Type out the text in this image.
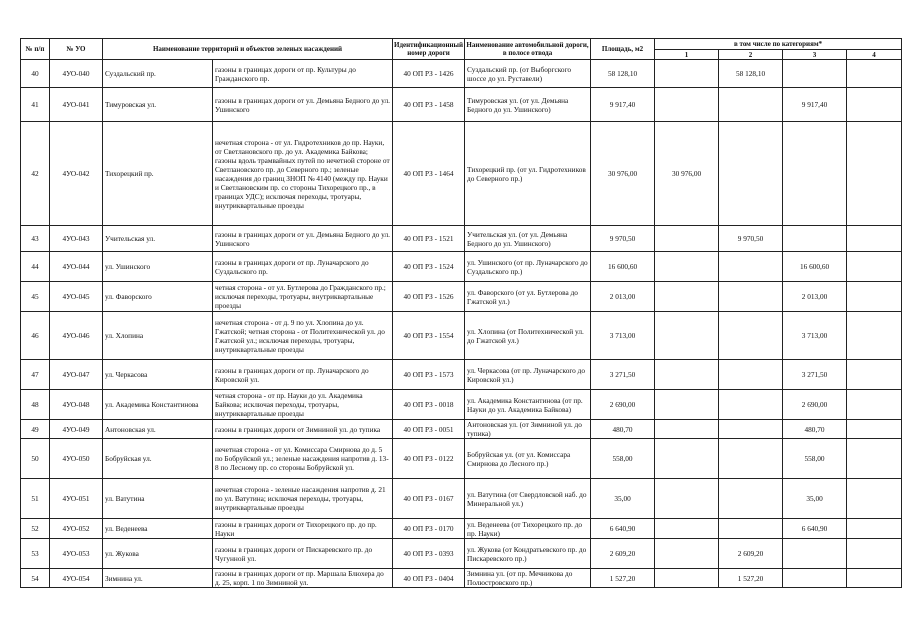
№ п/п	№ УО	Наименование территорий и объектов зеленых насаждений		Идентификационный номер дороги	Наименование автомобильной дороги, в полосе отвода	Площадь, м2	в том числе по категориям*			
							1	2	3	4
40	4УО-040	Суздальский пр.	газоны в границах дороги от пр. Культуры до Гражданского пр.	40 ОП РЗ - 1426	Суздальский пр. (от Выборгского шоссе до ул. Руставели)	58 128,10		58 128,10		
41	4УО-041	Тимуровская ул.	газоны в границах дороги от ул. Демьяна Бедного до ул. Ушинского	40 ОП РЗ - 1458	Тимуровская ул. (от ул. Демьяна Бедного до ул. Ушинского)	9 917,40			9 917,40	
42	4УО-042	Тихорецкий пр.	нечетная сторона - от ул. Гидротехников до пр. Науки, от Светлановского пр. до ул. Академика Байкова; газоны вдоль трамвайных путей по нечетной стороне от Светлановского пр. до Северного пр.; зеленые насаждения до границ ЗНОП № 4140 (между пр. Науки и Светлановским пр. со стороны Тихорецкого пр., в границах УДС); исключая переходы, тротуары, внутриквартальные проезды	40 ОП РЗ - 1464	Тихорецкий пр. (от ул. Гидротехников до Северного пр.)	30 976,00	30 976,00			
43	4УО-043	Учительская ул.	газоны в границах дороги от ул. Демьяна Бедного до ул. Ушинского	40 ОП РЗ - 1521	Учительская ул. (от ул. Демьяна Бедного до ул. Ушинского)	9 970,50		9 970,50		
44	4УО-044	ул. Ушинского	газоны в границах дороги от пр. Луначарского до Суздальского пр.	40 ОП РЗ - 1524	ул. Ушинского (от пр. Луначарского до Суздальского пр.)	16 600,60			16 600,60	
45	4УО-045	ул. Фаворского	четная сторона - от ул. Бутлерова до Гражданского пр.; исключая переходы, тротуары, внутриквартальные проезды	40 ОП РЗ - 1526	ул. Фаворского (от ул. Бутлерова до Гжатской ул.)	2 013,00			2 013,00	
46	4УО-046	ул. Хлопина	нечетная сторона - от д. 9 по ул. Хлопина до ул. Гжатской; четная сторона - от Политехнической ул. до Гжатской ул.; исключая переходы, тротуары, внутриквартальные проезды	40 ОП РЗ - 1554	ул. Хлопина (от Политехнической ул. до Гжатской ул.)	3 713,00			3 713,00	
47	4УО-047	ул. Черкасова	газоны в границах дороги от пр. Луначарского до Кировской ул.	40 ОП РЗ - 1573	ул. Черкасова (от пр. Луначарского до Кировской ул.)	3 271,50			3 271,50	
48	4УО-048	ул. Академика Константинова	четная сторона - от пр. Науки до ул. Академика Байкова; исключая переходы, тротуары, внутриквартальные проезды	40 ОП РЗ - 0018	ул. Академика Константинова (от пр. Науки до ул. Академика Байкова)	2 690,00			2 690,00	
49	4УО-049	Антоновская ул.	газоны в границах дороги от Зимниной ул. до тупика	40 ОП РЗ - 0051	Антоновская ул. (от Зимниной ул. до тупика)	480,70			480,70	
50	4УО-050	Бобруйская ул.	нечетная сторона - от ул. Комиссара Смирнова до д. 5 по Бобруйской ул.; зеленые насаждения напротив д. 13-8 по Лесному пр. со стороны Бобруйской ул.	40 ОП РЗ - 0122	Бобруйская ул. (от ул. Комиссара Смирнова до Лесного пр.)	558,00			558,00	
51	4УО-051	ул. Ватутина	нечетная сторона - зеленые насаждения напротив д. 21 по ул. Ватутина; исключая переходы, тротуары, внутриквартальные проезды	40 ОП РЗ - 0167	ул. Ватутина (от Свердловской наб. до Минеральной ул.)	35,00			35,00	
52	4УО-052	ул. Веденеева	газоны в границах дороги от Тихорецкого пр. до пр. Науки	40 ОП РЗ - 0170	ул. Веденеева (от Тихорецкого пр. до пр. Науки)	6 640,90			6 640,90	
53	4УО-053	ул. Жукова	газоны в границах дороги от Пискаревского пр. до Чугунной ул.	40 ОП РЗ - 0393	ул. Жукова (от Кондратьевского пр. до Пискаревского пр.)	2 609,20		2 609,20		
54	4УО-054	Зимнина ул.	газоны в границах дороги от пр. Маршала Блюхера до д. 25, корп. 1 по Зимниной ул.	40 ОП РЗ - 0404	Зимнина ул. (от пр. Мечникова до Полюстровского пр.)	1 527,20		1 527,20		
